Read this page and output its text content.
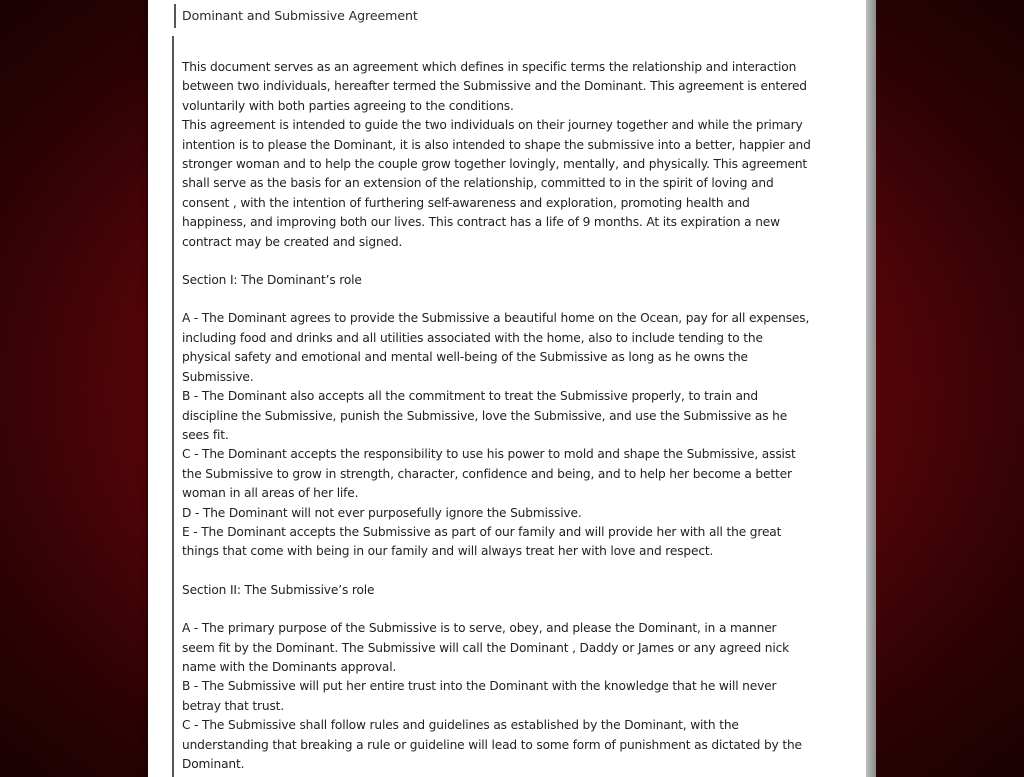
Dominant and Submissive Agreement

This document serves as an agreement which defines in specific terms the relationship and interaction between two individuals, hereafter termed the Submissive and the Dominant. This agreement is entered voluntarily with both parties agreeing to the conditions.

This agreement is intended to guide the two individuals on their journey together and while the primary intention is to please the Dominant, it is also intended to shape the submissive into a better, happier and stronger woman and to help the couple grow together lovingly, mentally, and physically. This agreement shall serve as the basis for an extension of the relationship, committed to in the spirit of loving and consent , with the intention of furthering self-awareness and exploration, promoting health and happiness, and improving both our lives. This contract has a life of 9 months. At its expiration a new contract may be created and signed.

Section I: The Dominant’s role

A - The Dominant agrees to provide the Submissive a beautiful home on the Ocean, pay for all expenses, including food and drinks and all utilities associated with the home, also to include tending to the physical safety and emotional and mental well-being of the Submissive as long as he owns the Submissive.

B - The Dominant also accepts all the commitment to treat the Submissive properly, to train and discipline the Submissive, punish the Submissive, love the Submissive, and use the Submissive as he sees fit.

C - The Dominant accepts the responsibility to use his power to mold and shape the Submissive, assist the Submissive to grow in strength, character, confidence and being, and to help her become a better woman in all areas of her life.

D - The Dominant will not ever purposefully ignore the Submissive.

E - The Dominant accepts the Submissive as part of our family and will provide her with all the great things that come with being in our family and will always treat her with love and respect.

Section II: The Submissive’s role

A - The primary purpose of the Submissive is to serve, obey, and please the Dominant, in a manner seem fit by the Dominant. The Submissive will call the Dominant , Daddy or James or any agreed nick name with the Dominants approval.

B - The Submissive will put her entire trust into the Dominant with the knowledge that he will never betray that trust.

C - The Submissive shall follow rules and guidelines as established by the Dominant, with the understanding that breaking a rule or guideline will lead to some form of punishment as dictated by the Dominant.
